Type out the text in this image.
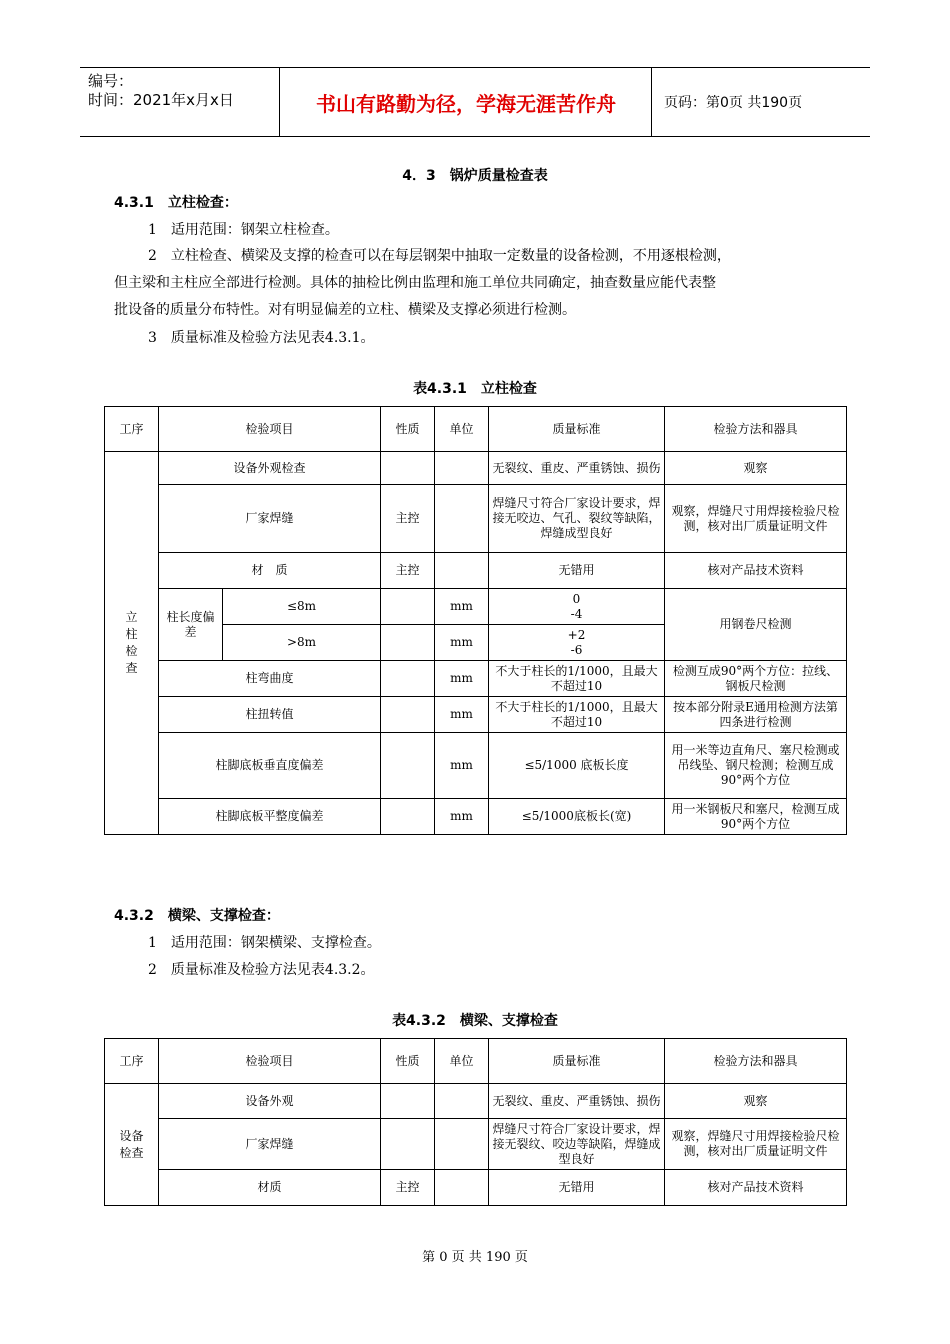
编号：
时间：2021年x月x日	书山有路勤为径，学海无涯苦作舟	页码：第0页 共190页
4．3　锅炉质量检查表
4.3.1　立柱检查：
1　适用范围：钢架立柱检查。
2　立柱检查、横梁及支撑的检查可以在每层钢架中抽取一定数量的设备检测，不用逐根检测，
但主梁和主柱应全部进行检测。具体的抽检比例由监理和施工单位共同确定，抽查数量应能代表整
批设备的质量分布特性。对有明显偏差的立柱、横梁及支撑必须进行检测。
3　质量标准及检验方法见表4.3.1。
表4.3.1　立柱检查
工序	检验项目		性质	单位	质量标准	检验方法和器具

立柱检查	设备外观检查				无裂纹、重皮、严重锈蚀、损伤	观察
	厂家焊缝		主控		焊缝尺寸符合厂家设计要求，焊接无咬边、气孔、裂纹等缺陷，焊缝成型良好	观察，焊缝尺寸用焊接检验尺检测，核对出厂质量证明文件
	材　质		主控		无错用	核对产品技术资料
	柱长度偏差	≤8m		mm	0
-4	用钢卷尺检测
		>8m		mm	+2
-6	
	柱弯曲度			mm	不大于柱长的1/1000，且最大不超过10	检测互成90°两个方位：拉线、钢板尺检测
	柱扭转值			mm	不大于柱长的1/1000，且最大不超过10	按本部分附录E通用检测方法第四条进行检测
	柱脚底板垂直度偏差			mm	≤5/1000 底板长度	用一米等边直角尺、塞尺检测或吊线坠、钢尺检测；检测互成90°两个方位
	柱脚底板平整度偏差			mm	≤5/1000底板长(宽)	用一米钢板尺和塞尺，检测互成90°两个方位
4.3.2　横梁、支撑检查：
1　适用范围：钢架横梁、支撑检查。
2　质量标准及检验方法见表4.3.2。
表4.3.2　横梁、支撑检查
工序	检验项目	性质	单位	质量标准	检验方法和器具

设备检查	设备外观			无裂纹、重皮、严重锈蚀、损伤	观察
	厂家焊缝			焊缝尺寸符合厂家设计要求，焊接无裂纹、咬边等缺陷，焊缝成型良好	观察，焊缝尺寸用焊接检验尺检测，核对出厂质量证明文件
	材质	主控		无错用	核对产品技术资料
第 0 页 共 190 页
